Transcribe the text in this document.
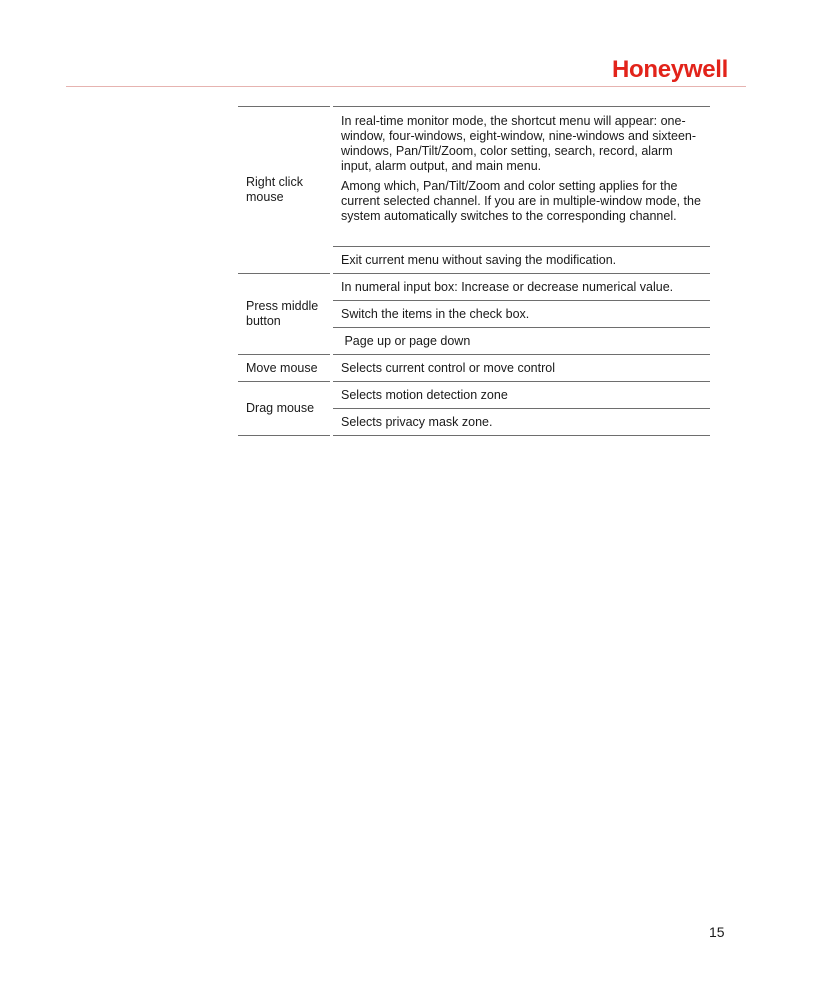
Honeywell
Right click mouse	In real-time monitor mode, the shortcut menu will appear: one-window, four-windows, eight-window, nine-windows and sixteen-windows, Pan/Tilt/Zoom, color setting, search, record, alarm input, alarm output, and main menu.

Among which, Pan/Tilt/Zoom and color setting applies for the current selected channel. If you are in multiple-window mode, the system automatically switches to the corresponding channel.

	Exit current menu without saving the modification.
Press middle button	In numeral input box: Increase or decrease numerical value.
	Switch the items in the check box.
	Page up or page down
Move mouse	Selects current control or move control
Drag mouse	Selects motion detection zone
	Selects privacy mask zone.
15
